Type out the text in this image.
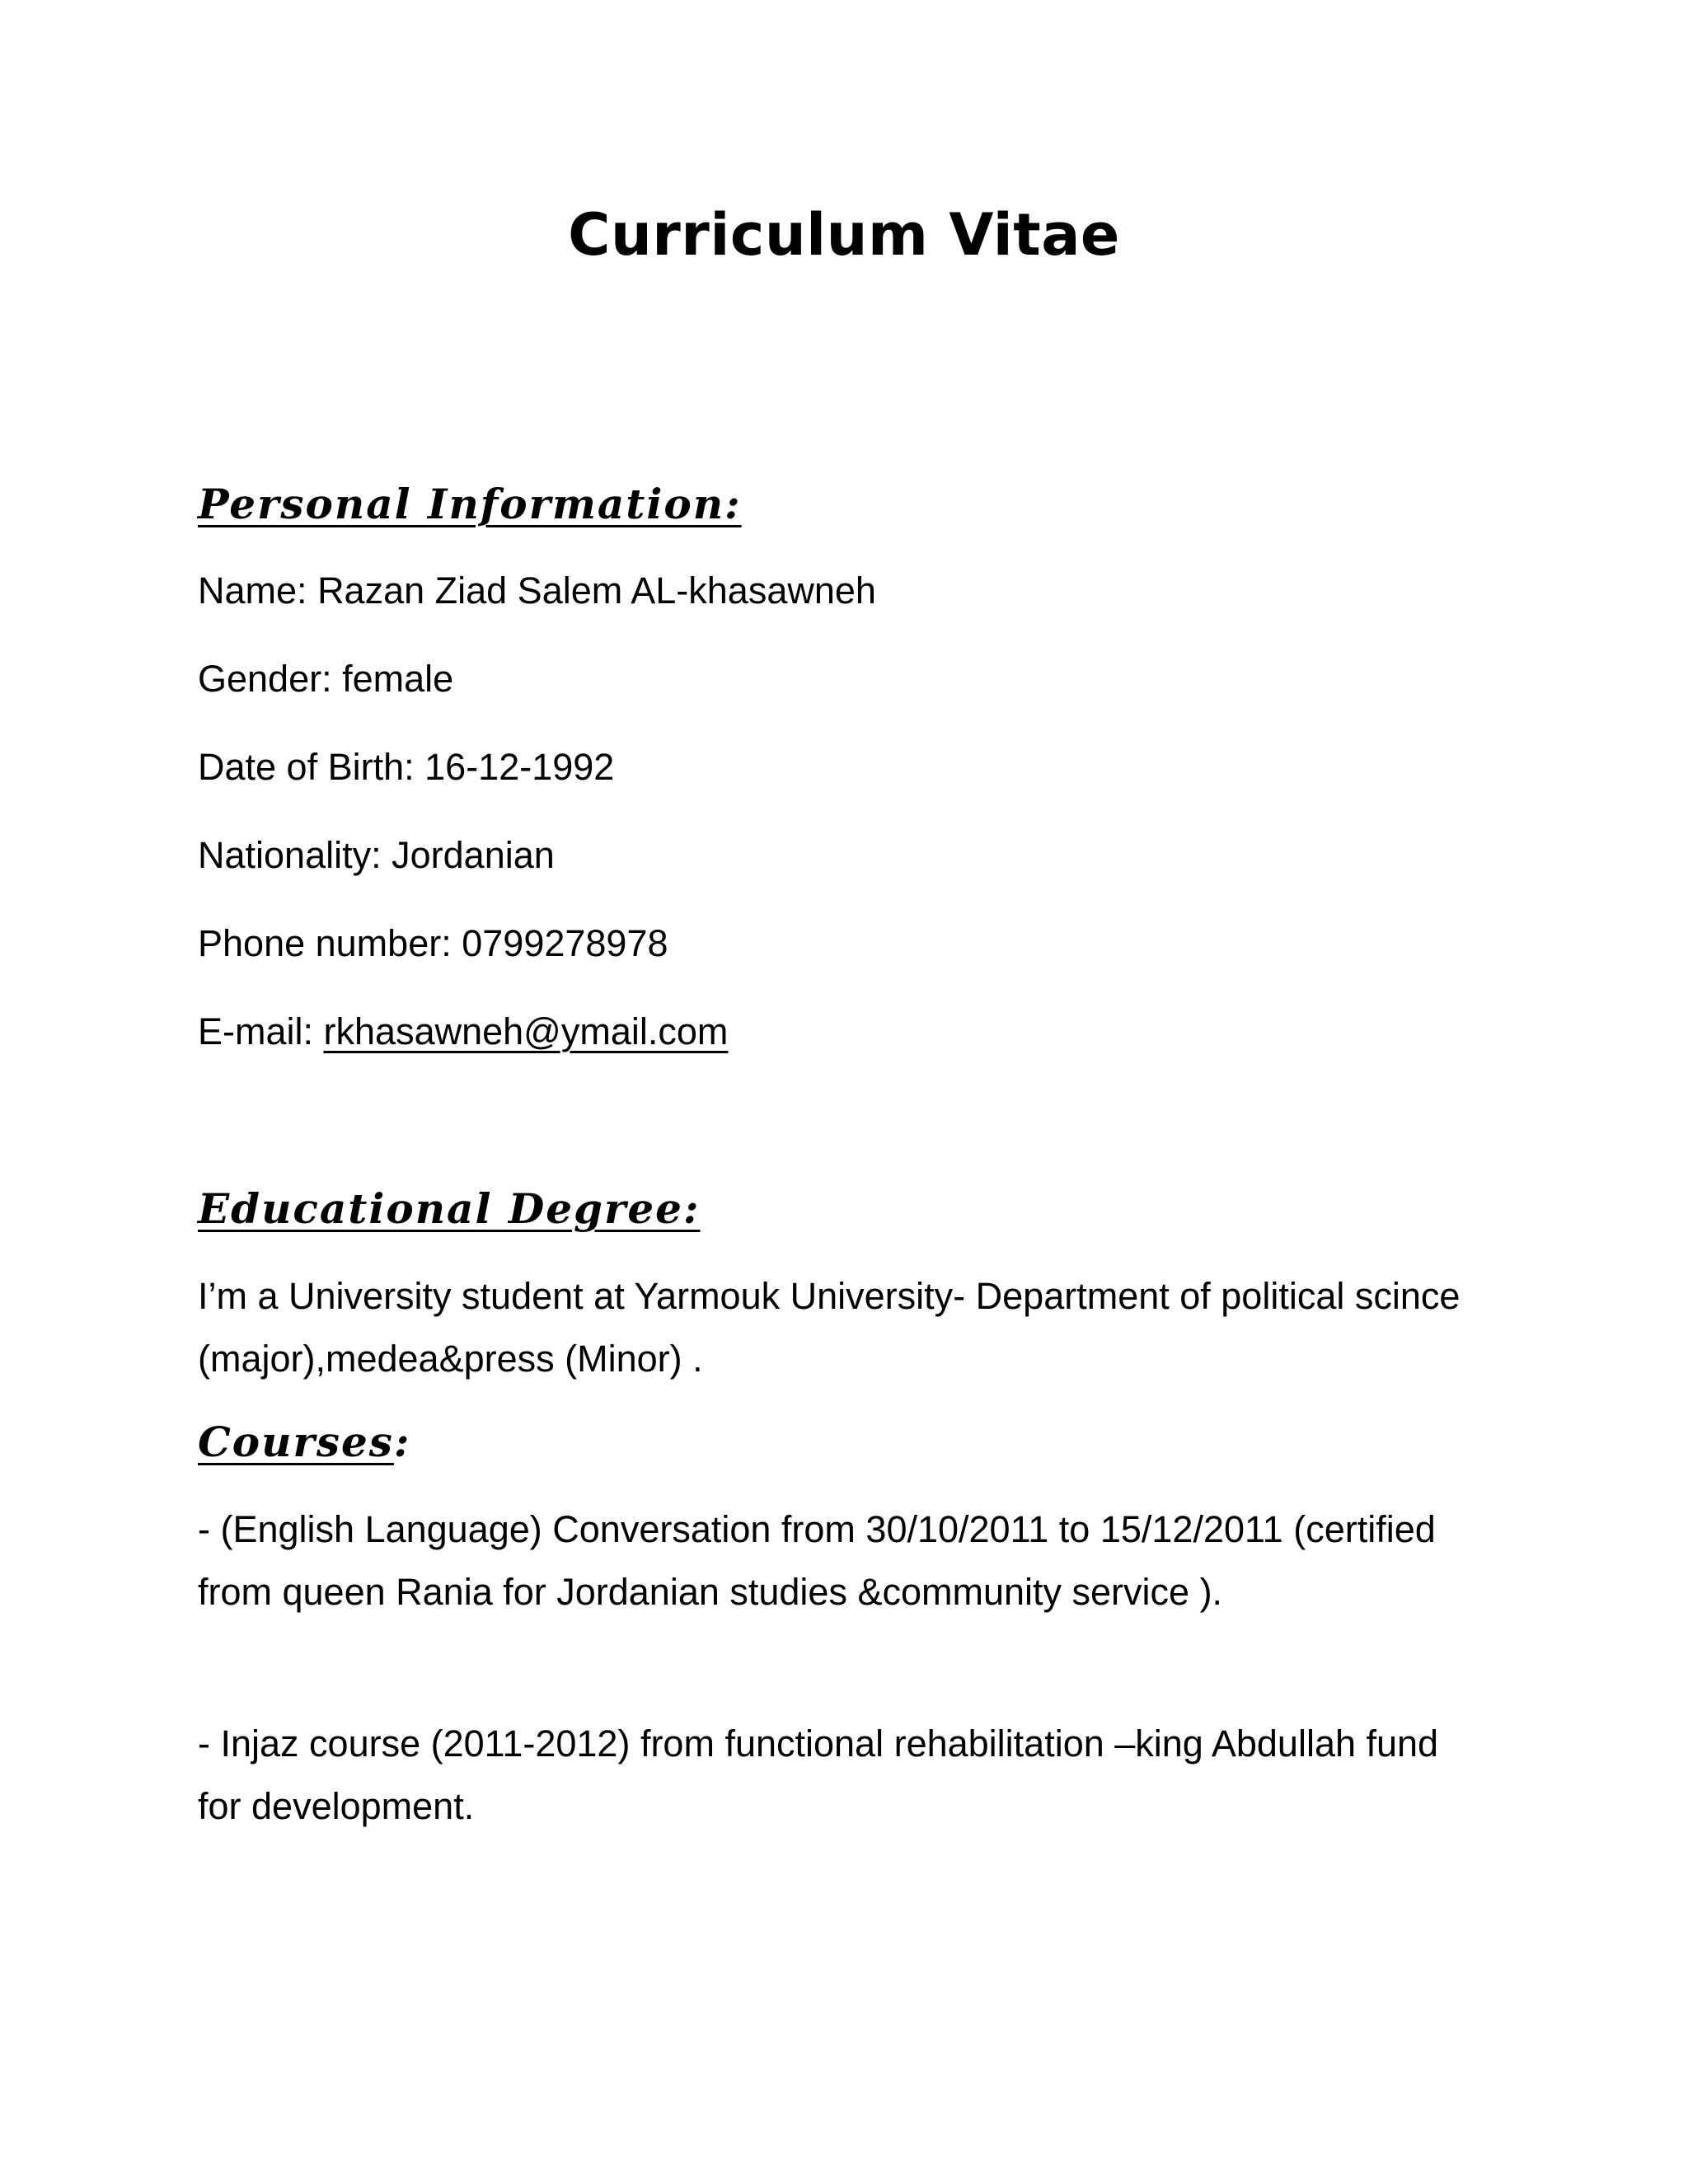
Curriculum Vitae
Personal Information:
Name: Razan Ziad Salem AL-khasawneh
Gender: female
Date of Birth: 16-12-1992
Nationality: Jordanian
Phone number: 0799278978
E-mail: rkhasawneh@ymail.com
Educational Degree:
I’m a University student at Yarmouk University- Department of political scince (major),medea&press (Minor) .
Courses:
- (English Language) Conversation from 30/10/2011 to 15/12/2011 (certified from queen Rania for Jordanian studies &community service ).
- Injaz course (2011-2012) from functional rehabilitation –king Abdullah fund for development.
